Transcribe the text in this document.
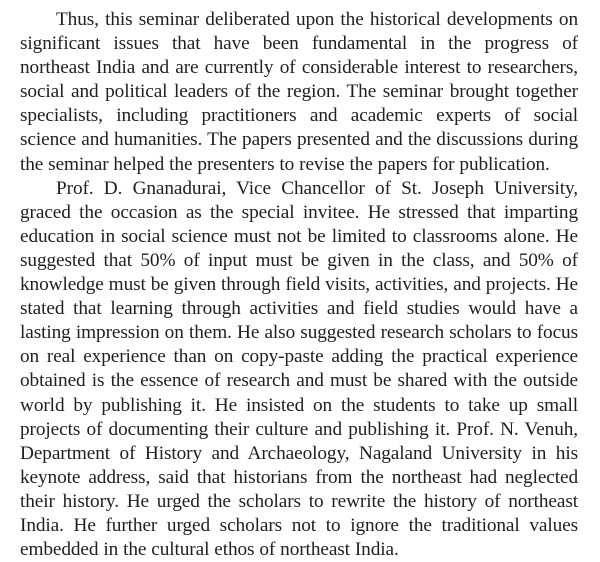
Thus, this seminar deliberated upon the historical developments on significant issues that have been fundamental in the progress of northeast India and are currently of considerable interest to researchers, social and political leaders of the region. The seminar brought together specialists, including practitioners and academic experts of social science and humanities. The papers presented and the discussions during the seminar helped the presenters to revise the papers for publication.

Prof. D. Gnanadurai, Vice Chancellor of St. Joseph University, graced the occasion as the special invitee. He stressed that imparting education in social science must not be limited to classrooms alone. He suggested that 50% of input must be given in the class, and 50% of knowledge must be given through field visits, activities, and projects. He stated that learning through activities and field studies would have a lasting impression on them. He also suggested research scholars to focus on real experience than on copy-paste adding the practical experience obtained is the essence of research and must be shared with the outside world by publishing it. He insisted on the students to take up small projects of documenting their culture and publishing it. Prof. N. Venuh, Department of History and Archaeology, Nagaland University in his keynote address, said that historians from the northeast had neglected their history. He urged the scholars to rewrite the history of northeast India. He further urged scholars not to ignore the traditional values embedded in the cultural ethos of northeast India.
